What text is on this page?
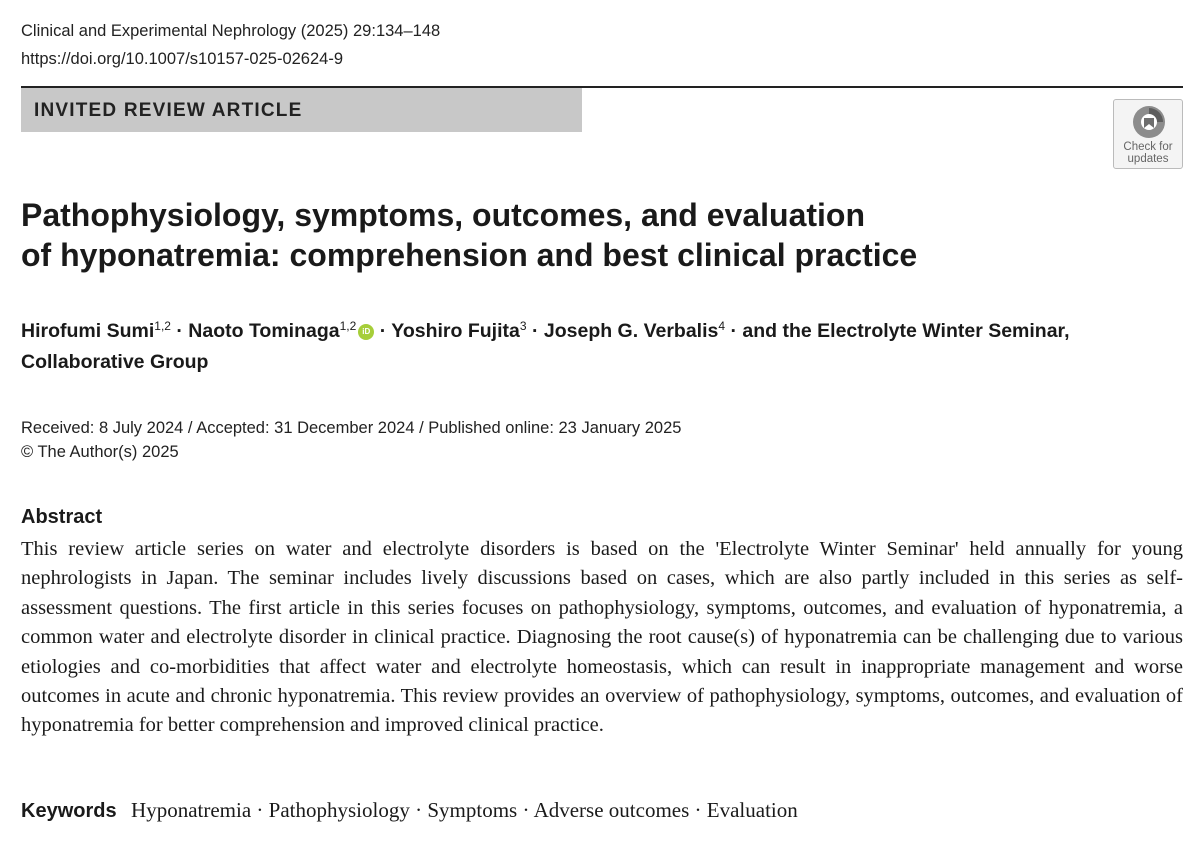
Clinical and Experimental Nephrology (2025) 29:134–148
https://doi.org/10.1007/s10157-025-02624-9
INVITED REVIEW ARTICLE
Check for
updates
Pathophysiology, symptoms, outcomes, and evaluation
of hyponatremia: comprehension and best clinical practice
Hirofumi Sumi$^{1,2}$ · Naoto Tominaga$^{1,2}$ iD · Yoshiro Fujita$^3$ · Joseph G. Verbalis$^4$ · and the Electrolyte Winter Seminar, Collaborative Group
Received: 8 July 2024 / Accepted: 31 December 2024 / Published online: 23 January 2025
© The Author(s) 2025
Abstract

This review article series on water and electrolyte disorders is based on the 'Electrolyte Winter Seminar' held annually for young nephrologists in Japan. The seminar includes lively discussions based on cases, which are also partly included in this series as self-assessment questions. The first article in this series focuses on pathophysiology, symptoms, outcomes, and evaluation of hyponatremia, a common water and electrolyte disorder in clinical practice. Diagnosing the root cause(s) of hyponatremia can be challenging due to various etiologies and co-morbidities that affect water and electrolyte homeostasis, which can result in inappropriate management and worse outcomes in acute and chronic hyponatremia. This review provides an overview of pathophysiology, symptoms, outcomes, and evaluation of hyponatremia for better comprehension and improved clinical practice.

Keywords Hyponatremia · Pathophysiology · Symptoms · Adverse outcomes · Evaluation
